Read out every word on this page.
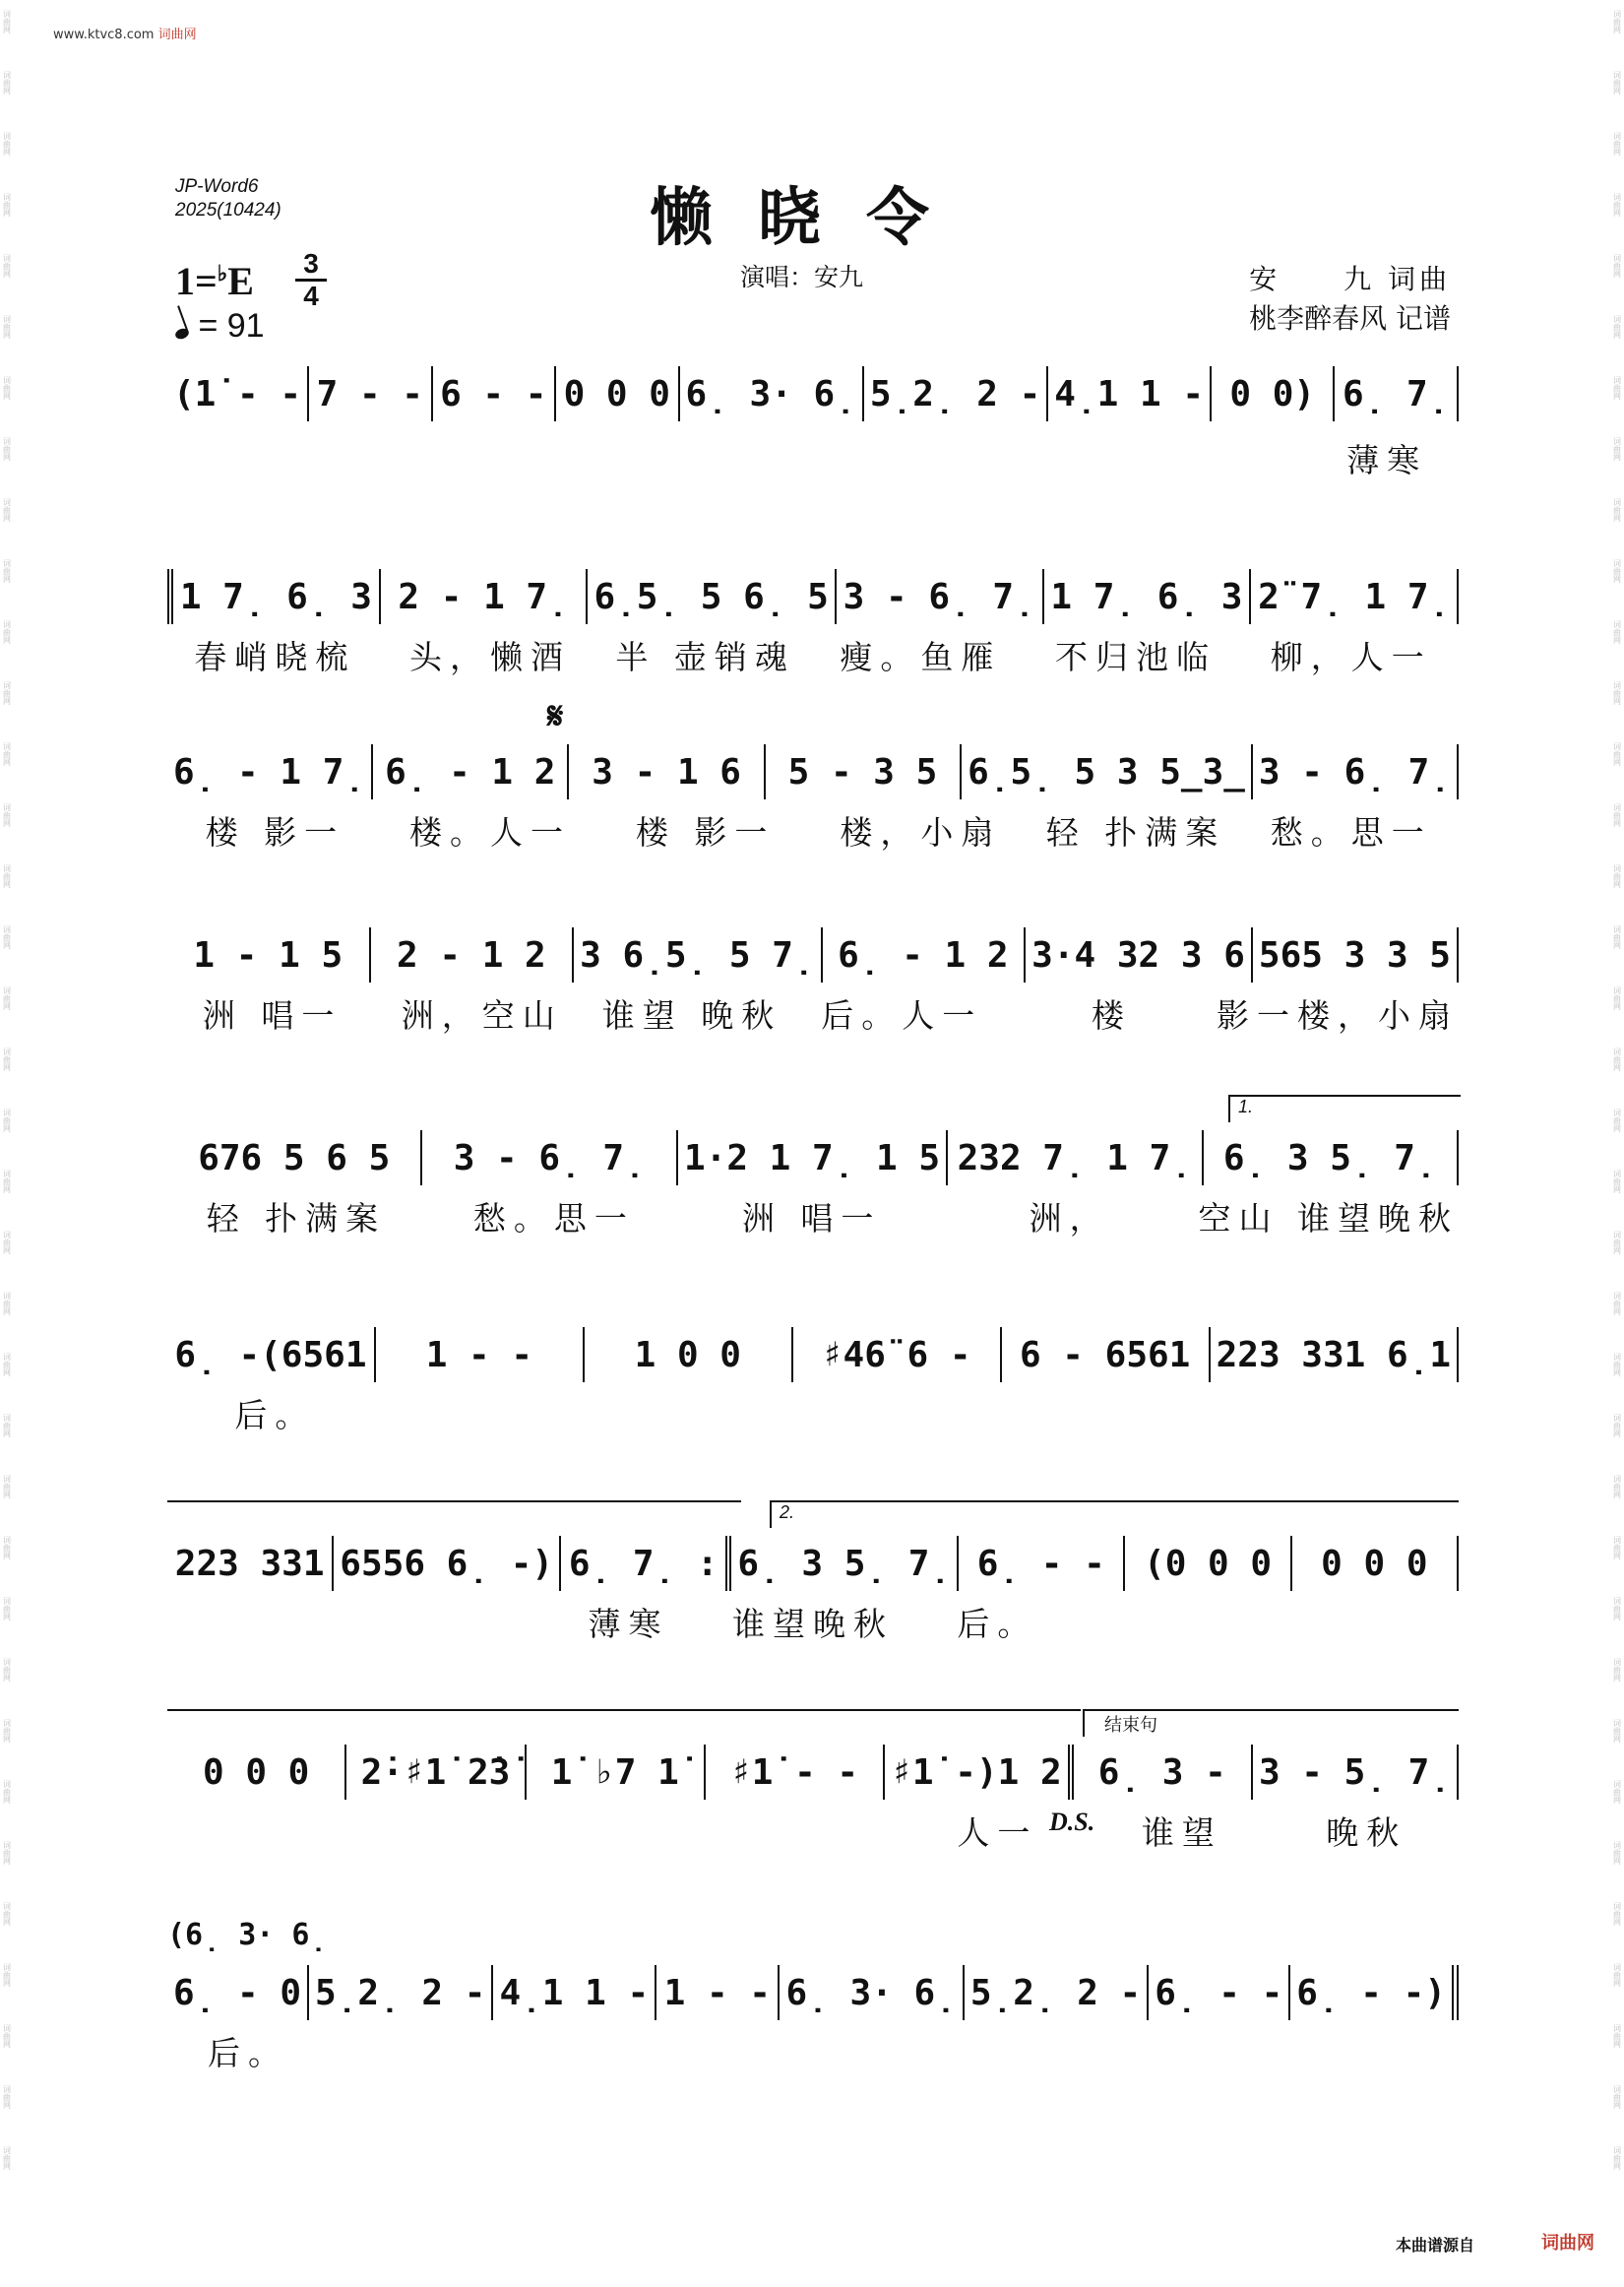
www.ktvc8.com 词曲网
词曲网
词曲网
词曲网
词曲网
词曲网
词曲网
词曲网
词曲网
词曲网
词曲网
词曲网
词曲网
词曲网
词曲网
词曲网
词曲网
词曲网
词曲网
词曲网
词曲网
词曲网
词曲网
词曲网
词曲网
词曲网
词曲网
词曲网
词曲网
词曲网
词曲网
词曲网
词曲网
词曲网
词曲网
词曲网
词曲网
词曲网
词曲网
词曲网
词曲网
词曲网
词曲网
词曲网
词曲网
词曲网
词曲网
词曲网
词曲网
词曲网
词曲网
词曲网
词曲网
词曲网
词曲网
词曲网
词曲网
词曲网
词曲网
词曲网
词曲网
词曲网
词曲网
词曲网
词曲网
词曲网
词曲网
词曲网
词曲网
词曲网
词曲网
词曲网
词曲网
JP-Word6
2025(10424)	懒晓令
演唱：安九	安　　九 词曲
桃李醉春风 记谱
1=♭E 3
4
= 91
(1̇ - - 7 - - 6 - - 0 0 0 6̣ 3· 6̣ 5̣2̣ 2 - 4̣1 1 - 0 0) 6̣ 7̣
薄寒
1 7̣ 6̣ 3 2 - 1 7̣ 6̣5̣ 5 6̣ 5 3 - 6̣ 7̣ 1 7̣ 6̣ 3 2̈ 7̣ 1 7̣
春峭晓梳	头，懒酒	半 壶销魂	瘦。鱼雁	不归池临	柳，人一
𝄋
6̣ - 1 7̣ 6̣ - 1 2	3 - 1 6	5 - 3 5 6̣5̣ 5 3 5̲3̲ 3 - 6̣ 7̣
楼 影一	楼。人一	楼 影一	楼，小扇	轻 扑满案	愁。思一
1 - 1 5	2 - 1 2 3 6̣5̣ 5 7̣ 6̣ - 1 2 3·4 32 3 6 565 3 3 5
洲 唱一	洲，空山	谁望 晚秋	后。人一	楼	影一楼，小扇
1.
676 5 6 5	3 - 6̣ 7̣	1·2 1 7̣ 1 5 232 7̣ 1 7̣ 6̣ 3 5̣ 7̣
轻 扑满案	愁。思一	洲 唱一	洲，	空山 谁望晚秋
6̣ -(6561	1 - -	1 0 0	♯46̈ 6 -	6 - 6561 223 331 6̣1
后。
2.
223 331 6556 6̣ -) 6̣ 7̣ : 6̣ 3 5̣ 7̣ 6̣ - -	(0 0 0	0 0 0
薄寒	谁望晚秋	后。
结束句
D.S.
0 0 0	2̇·♯1̇ 2̇3̇	1̇ ♭7 1̇	♯1̇ - - ♯1̇ -)1 2	6̣ 3 - 3 - 5̣ 7̣
人一	谁望	晚秋
(6̣ 3· 6̣
6̣ - 0 5̣2̣ 2 - 4̣1 1 - 1 - - 6̣ 3· 6̣ 5̣2̣ 2 - 6̣ - - 6̣ - -)
后。
本曲谱源自	词曲网
